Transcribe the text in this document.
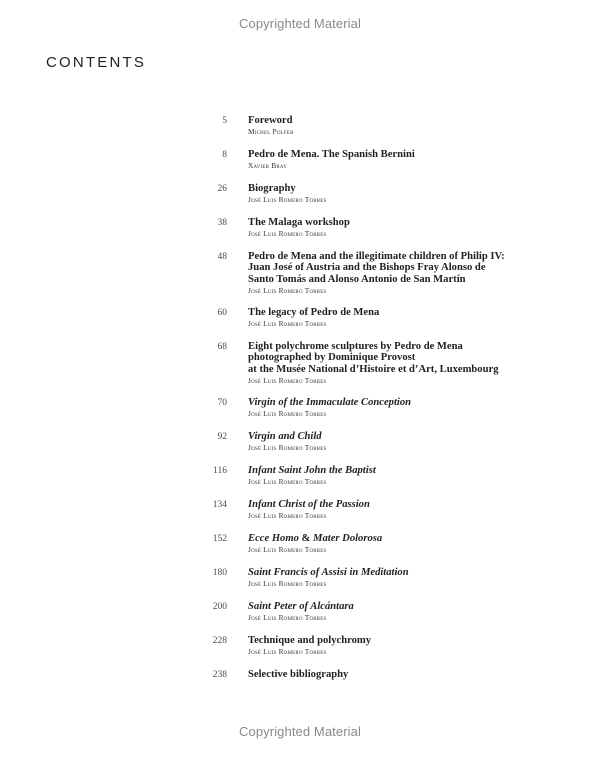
Copyrighted Material
CONTENTS
5 Foreword
Michel Polfer
8 Pedro de Mena. The Spanish Bernini
Xavier Bray
26 Biography
José Luis Romero Torres
38 The Malaga workshop
José Luis Romero Torres
48 Pedro de Mena and the illegitimate children of Philip IV:
Juan José of Austria and the Bishops Fray Alonso de
Santo Tomás and Alonso Antonio de San Martín
José Luis Romero Torres
60 The legacy of Pedro de Mena
José Luis Romero Torres
68 Eight polychrome sculptures by Pedro de Mena
photographed by Dominique Provost
at the Musée National d’Histoire et d’Art, Luxembourg
José Luis Romero Torres
70 Virgin of the Immaculate Conception
José Luis Romero Torres
92 Virgin and Child
José Luis Romero Torres
116 Infant Saint John the Baptist
José Luis Romero Torres
134 Infant Christ of the Passion
José Luis Romero Torres
152 Ecce Homo & Mater Dolorosa
José Luis Romero Torres
180 Saint Francis of Assisi in Meditation
José Luis Romero Torres
200 Saint Peter of Alcántara
José Luis Romero Torres
228 Technique and polychromy
José Luis Romero Torres
238 Selective bibliography
Copyrighted Material
